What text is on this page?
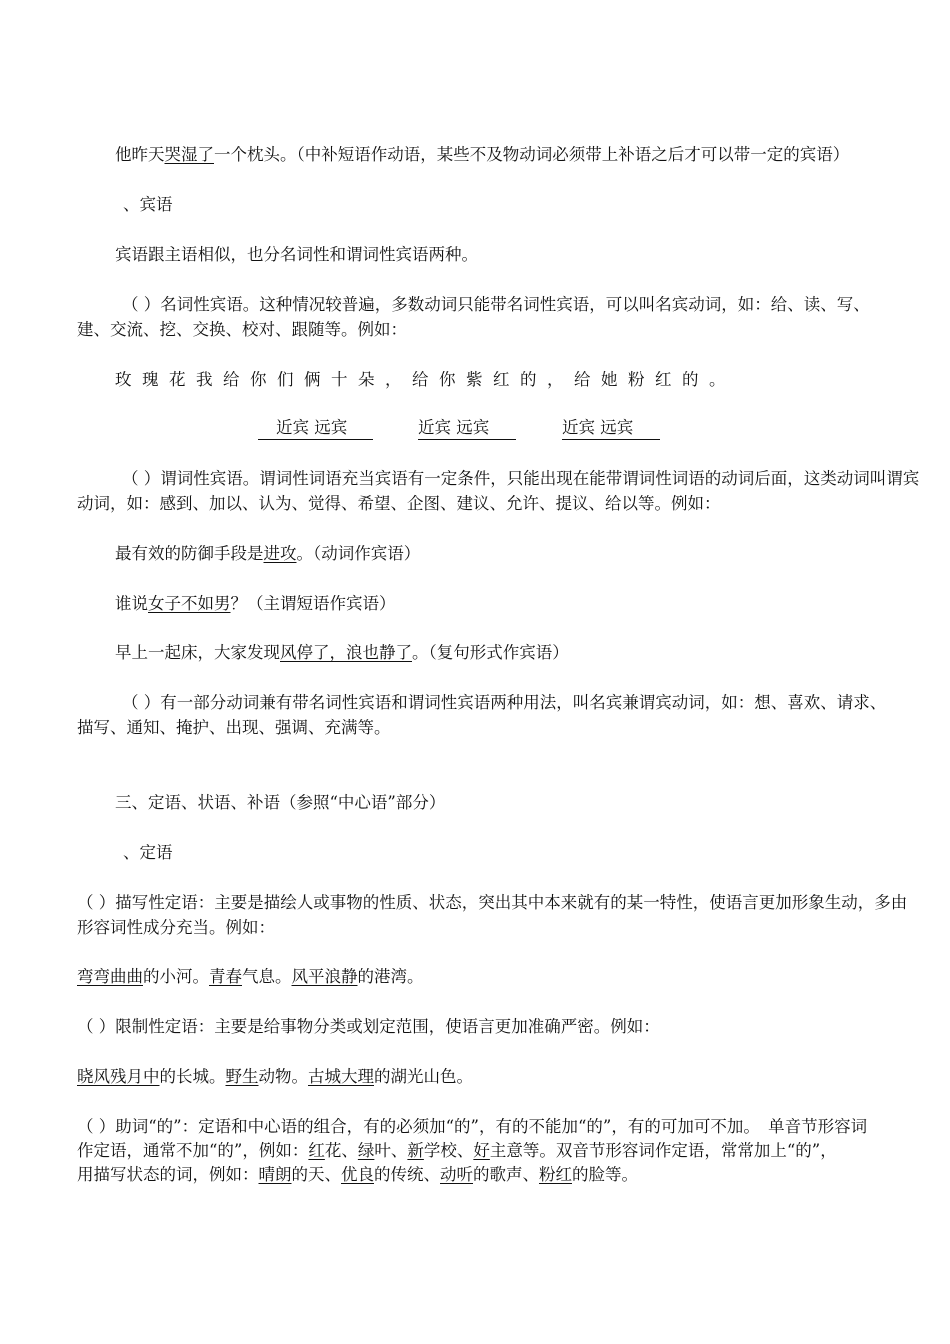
他昨天哭湿了一个枕头。（中补短语作动语，某些不及物动词必须带上补语之后才可以带一定的宾语）
、宾语
宾语跟主语相似，也分名词性和谓词性宾语两种。
（ ）名词性宾语。这种情况较普遍，多数动词只能带名词性宾语，可以叫名宾动词，如：给、读、写、
建、交流、挖、交换、校对、跟随等。例如：
玫瑰花我给你们俩十朵，给你紫红的，给她粉红的。
近宾 远宾	近宾 远宾	近宾 远宾
（ ）谓词性宾语。谓词性词语充当宾语有一定条件，只能出现在能带谓词性词语的动词后面，这类动词叫谓宾
动词，如：感到、加以、认为、觉得、希望、企图、建议、允许、提议、给以等。例如：
最有效的防御手段是进攻。（动词作宾语）
谁说女子不如男？（主谓短语作宾语）
早上一起床，大家发现风停了，浪也静了。（复句形式作宾语）
（ ）有一部分动词兼有带名词性宾语和谓词性宾语两种用法，叫名宾兼谓宾动词，如：想、喜欢、请求、
描写、通知、掩护、出现、强调、充满等。
三、定语、状语、补语（参照“中心语”部分）
、定语
（ ）描写性定语：主要是描绘人或事物的性质、状态，突出其中本来就有的某一特性，使语言更加形象生动，多由
形容词性成分充当。例如：
弯弯曲曲的小河。青春气息。风平浪静的港湾。
（ ）限制性定语：主要是给事物分类或划定范围，使语言更加准确严密。例如：
晓风残月中的长城。野生动物。古城大理的湖光山色。
（ ）助词“的”：定语和中心语的组合，有的必须加“的”，有的不能加“的”，有的可加可不加。　单音节形容词
作定语，通常不加“的”，例如：红花、绿叶、新学校、好主意等。双音节形容词作定语，常常加上“的”，
用描写状态的词，例如：晴朗的天、优良的传统、动听的歌声、粉红的脸等。
